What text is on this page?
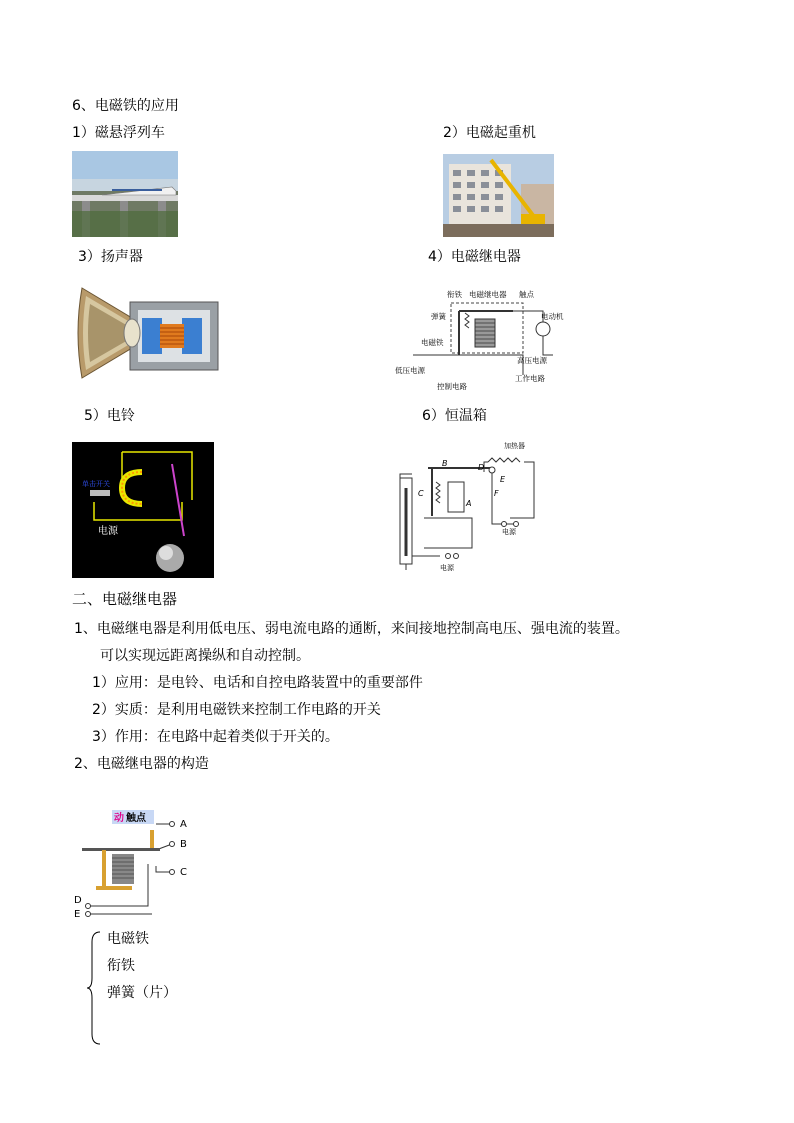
6、电磁铁的应用
1）磁悬浮列车	2）电磁起重机
3）扬声器	4）电磁继电器
衔铁 电磁继电器 触点
弹簧	电动机
电磁铁
高压电源
低压电源
工作电路
控制电路
5）电铃	6）恒温箱
单击开关
电源
加热器
B	D
C
A
E
F
电源
电源
二、电磁继电器
1、电磁继电器是利用低电压、弱电流电路的通断，来间接地控制高电压、强电流的装置。
可以实现远距离操纵和自动控制。
1）应用：是电铃、电话和自控电路装置中的重要部件
2）实质：是利用电磁铁来控制工作电路的开关
3）作用：在电路中起着类似于开关的。
2、电磁继电器的构造
动 触点
A
B
C
D
E
电磁铁
衔铁
弹簧（片）
